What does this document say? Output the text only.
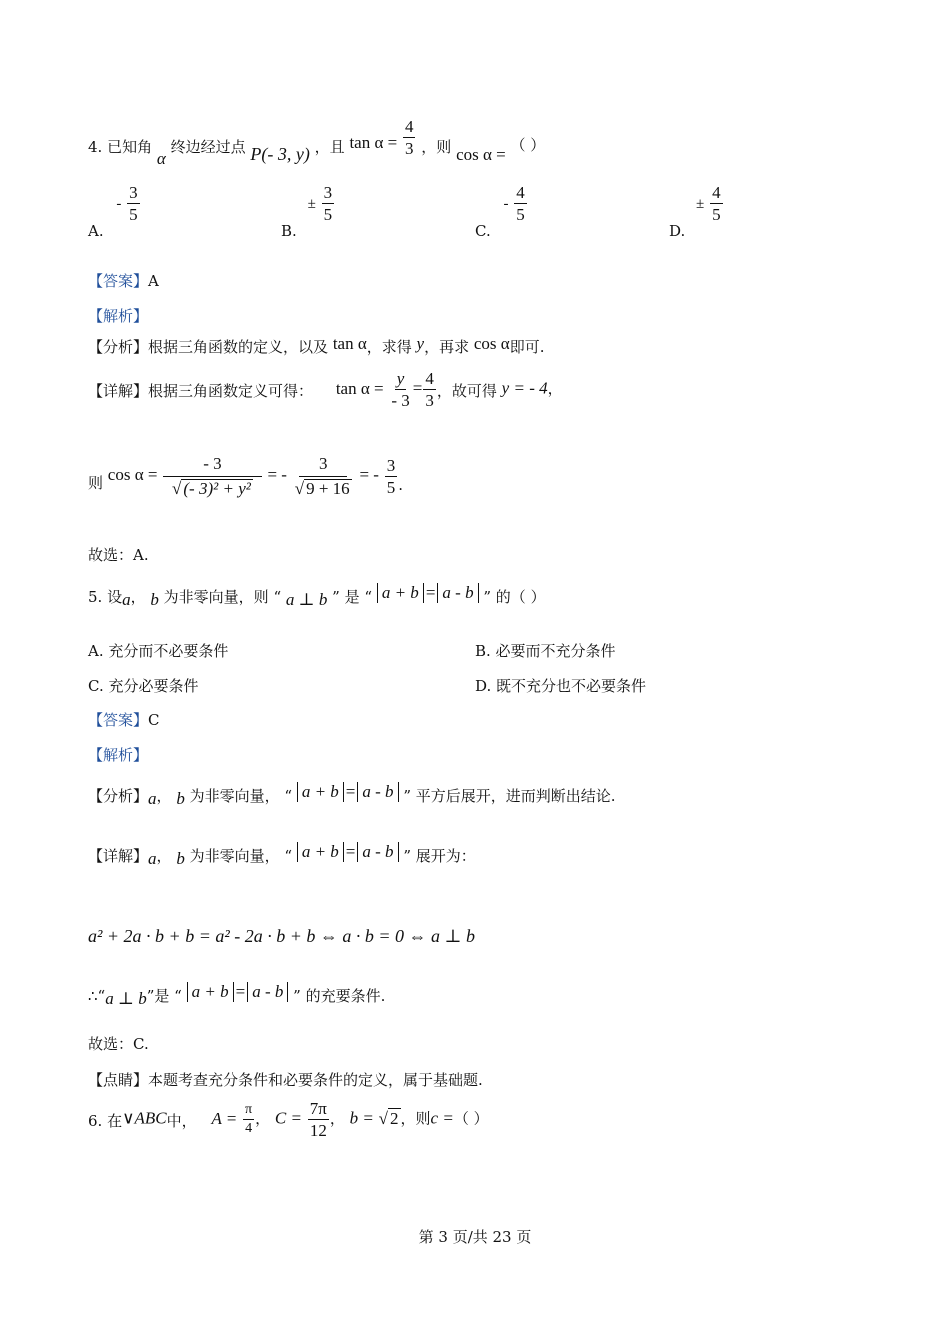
4. 已知角 α 终边经过点 P(- 3, y) ，且 $\tan \alpha = \frac{4}{3}$ ，则 cos α = （ ）
A. - $\frac{3}{5}$
B. ± $\frac{3}{5}$
C. - $\frac{4}{5}$
D. ± $\frac{4}{5}$
【答案】A
【解析】
【分析】根据三角函数的定义，以及 tan α，求得 y，再求 cos α即可.
【详解】根据三角函数定义可得： $\tan \alpha = \frac{y}{- 3} = \frac{4}{3}$ ，故可得 y = - 4，
则 $\cos \alpha = \frac{- 3}{\text{√ (- 3)² + y²}}$ = - $\frac{3}{√ 9 + 16}$ = - $\frac{3}{5}$ .
故选：A.
5. 设a， b 为非零向量，则 “ a ⊥ b ” 是 “ a + b = a - b ” 的（ ）
A. 充分而不必要条件	B. 必要而不充分条件
C. 充分必要条件	D. 既不充分也不必要条件
【答案】C
【解析】
【分析】a， b 为非零向量， “ a + b = a - b ” 平方后展开，进而判断出结论.
【详解】a， b 为非零向量， “ a + b = a - b ” 展开为：
a² + 2a · b + b = a² - 2a · b + b ⇔ a · b = 0 ⇔ a ⊥ b
∴“a ⊥ b”是 “ a + b = a - b ” 的充要条件.
故选：C.
【点睛】本题考查充分条件和必要条件的定义，属于基础题.
6. 在∨ABC中， $A = \frac{\pi}{4}$ ， $C = \frac{7\pi}{12}$ ， b = √ 2 ，则c =（ ）
第 3 页/共 23 页
